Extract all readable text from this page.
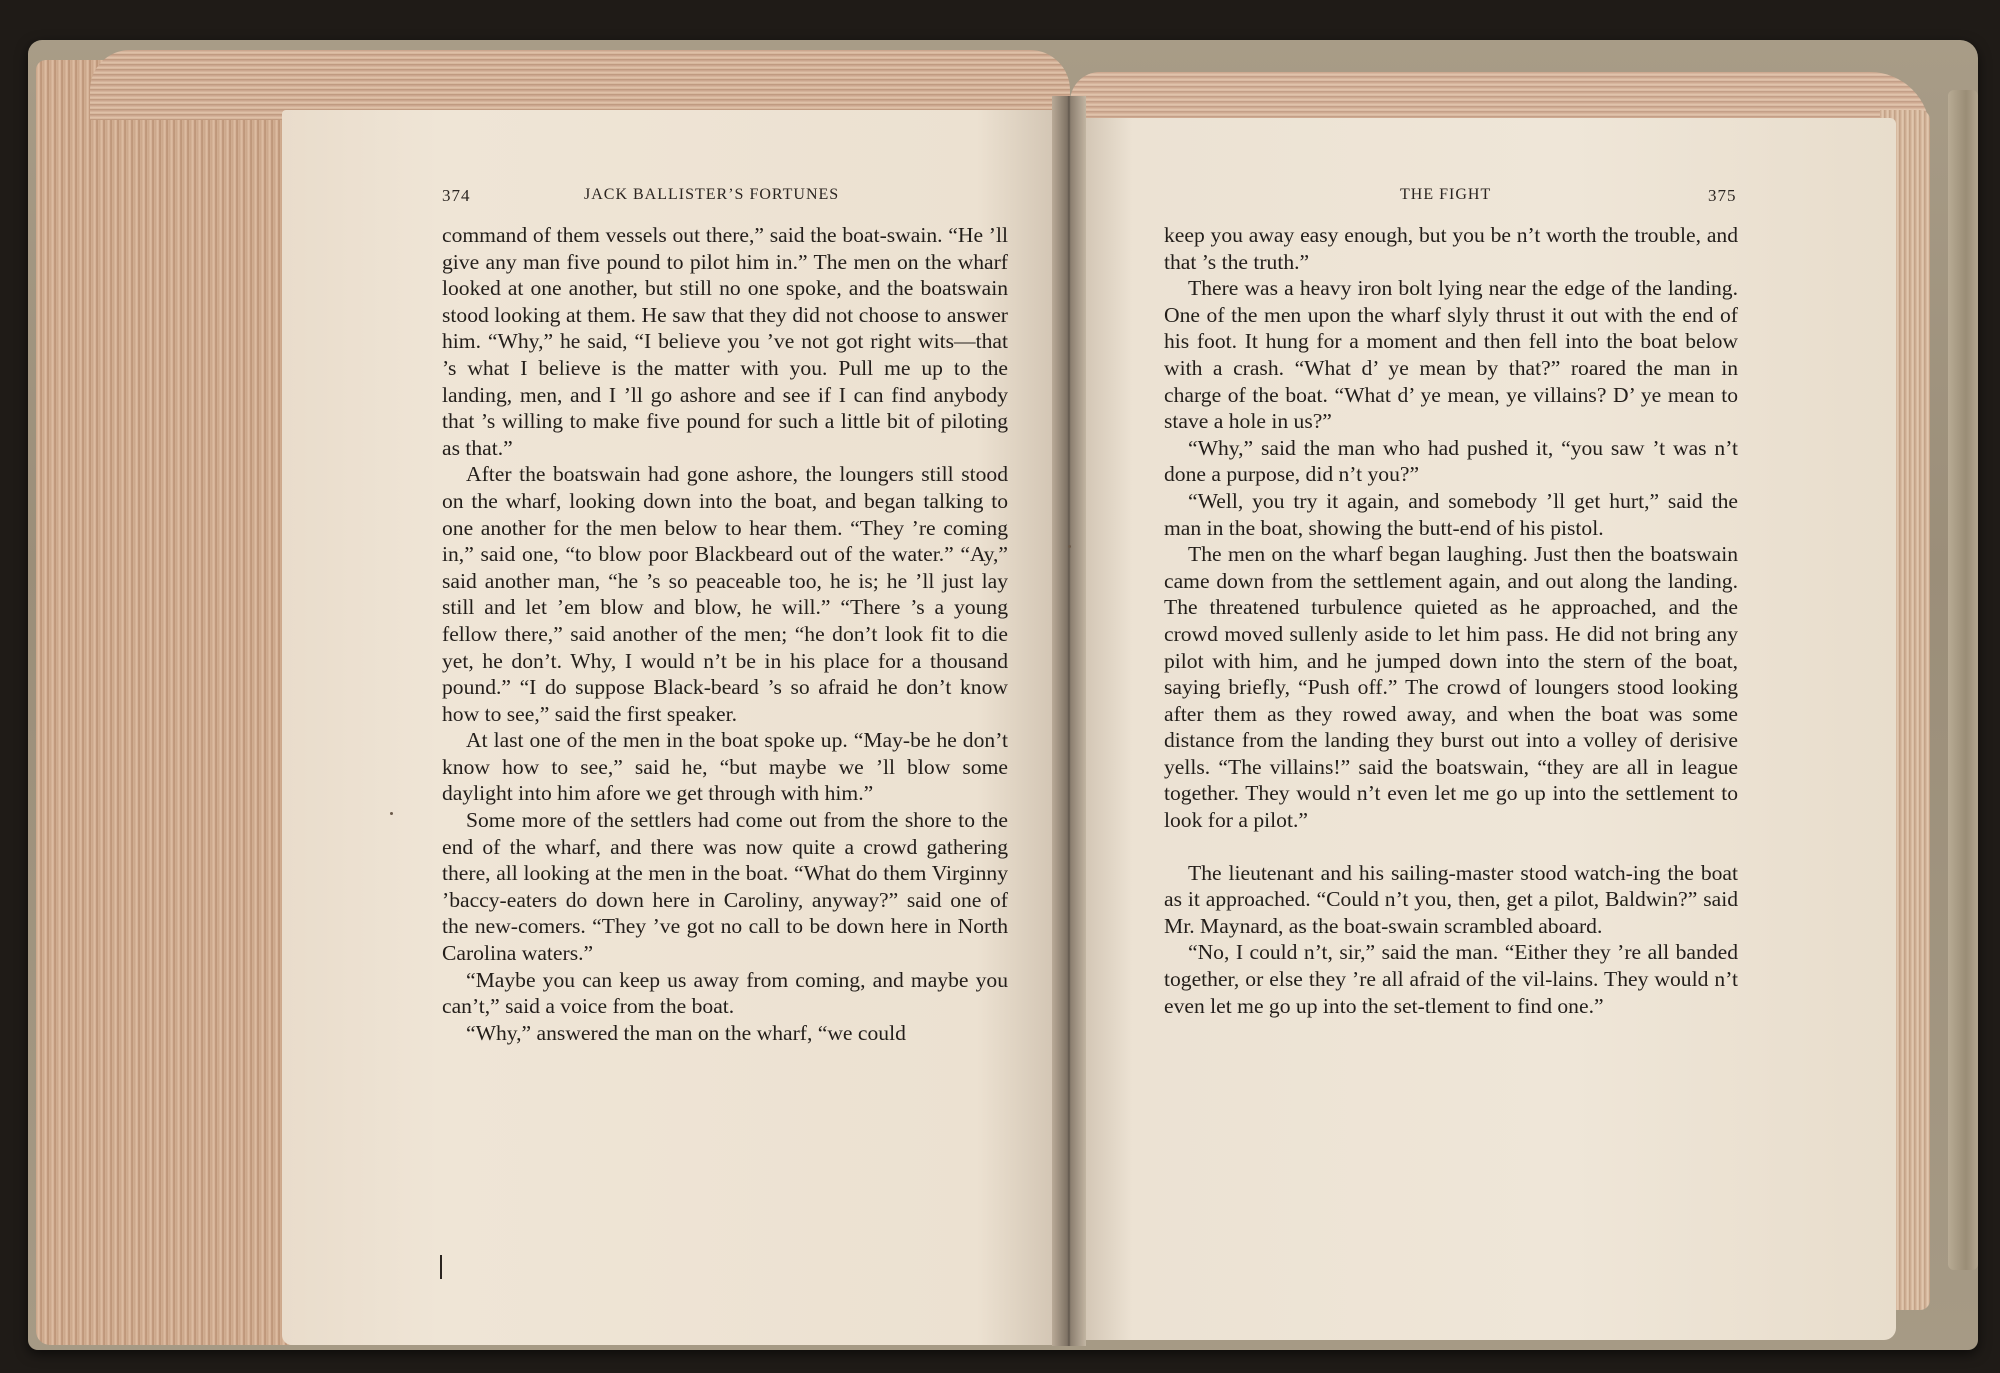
374	JACK BALLISTER’S FORTUNES	THE FIGHT	375

command of them vessels out there,” said the boat-swain. “He ’ll give any man five pound to pilot him in.” The men on the wharf looked at one another, but still no one spoke, and the boatswain stood looking at them. He saw that they did not choose to answer him. “Why,” he said, “I believe you ’ve not got right wits—that ’s what I believe is the matter with you. Pull me up to the landing, men, and I ’ll go ashore and see if I can find anybody that ’s willing to make five pound for such a little bit of piloting as that.”

After the boatswain had gone ashore, the loungers still stood on the wharf, looking down into the boat, and began talking to one another for the men below to hear them. “They ’re coming in,” said one, “to blow poor Blackbeard out of the water.” “Ay,” said another man, “he ’s so peaceable too, he is; he ’ll just lay still and let ’em blow and blow, he will.” “There ’s a young fellow there,” said another of the men; “he don’t look fit to die yet, he don’t. Why, I would n’t be in his place for a thousand pound.” “I do suppose Black-beard ’s so afraid he don’t know how to see,” said the first speaker.

At last one of the men in the boat spoke up. “May-be he don’t know how to see,” said he, “but maybe we ’ll blow some daylight into him afore we get through with him.”

Some more of the settlers had come out from the shore to the end of the wharf, and there was now quite a crowd gathering there, all looking at the men in the boat. “What do them Virginny ’baccy-eaters do down here in Caroliny, anyway?” said one of the new-comers. “They ’ve got no call to be down here in North Carolina waters.”

“Maybe you can keep us away from coming, and maybe you can’t,” said a voice from the boat.

“Why,” answered the man on the wharf, “we could

keep you away easy enough, but you be n’t worth the trouble, and that ’s the truth.”

There was a heavy iron bolt lying near the edge of the landing. One of the men upon the wharf slyly thrust it out with the end of his foot. It hung for a moment and then fell into the boat below with a crash. “What d’ ye mean by that?” roared the man in charge of the boat. “What d’ ye mean, ye villains? D’ ye mean to stave a hole in us?”

“Why,” said the man who had pushed it, “you saw ’t was n’t done a purpose, did n’t you?”

“Well, you try it again, and somebody ’ll get hurt,” said the man in the boat, showing the butt-end of his pistol.

The men on the wharf began laughing. Just then the boatswain came down from the settlement again, and out along the landing. The threatened turbulence quieted as he approached, and the crowd moved sullenly aside to let him pass. He did not bring any pilot with him, and he jumped down into the stern of the boat, saying briefly, “Push off.” The crowd of loungers stood looking after them as they rowed away, and when the boat was some distance from the landing they burst out into a volley of derisive yells. “The villains!” said the boatswain, “they are all in league together. They would n’t even let me go up into the settlement to look for a pilot.”

The lieutenant and his sailing-master stood watch-ing the boat as it approached. “Could n’t you, then, get a pilot, Baldwin?” said Mr. Maynard, as the boat-swain scrambled aboard.

“No, I could n’t, sir,” said the man. “Either they ’re all banded together, or else they ’re all afraid of the vil-lains. They would n’t even let me go up into the set-tlement to find one.”
